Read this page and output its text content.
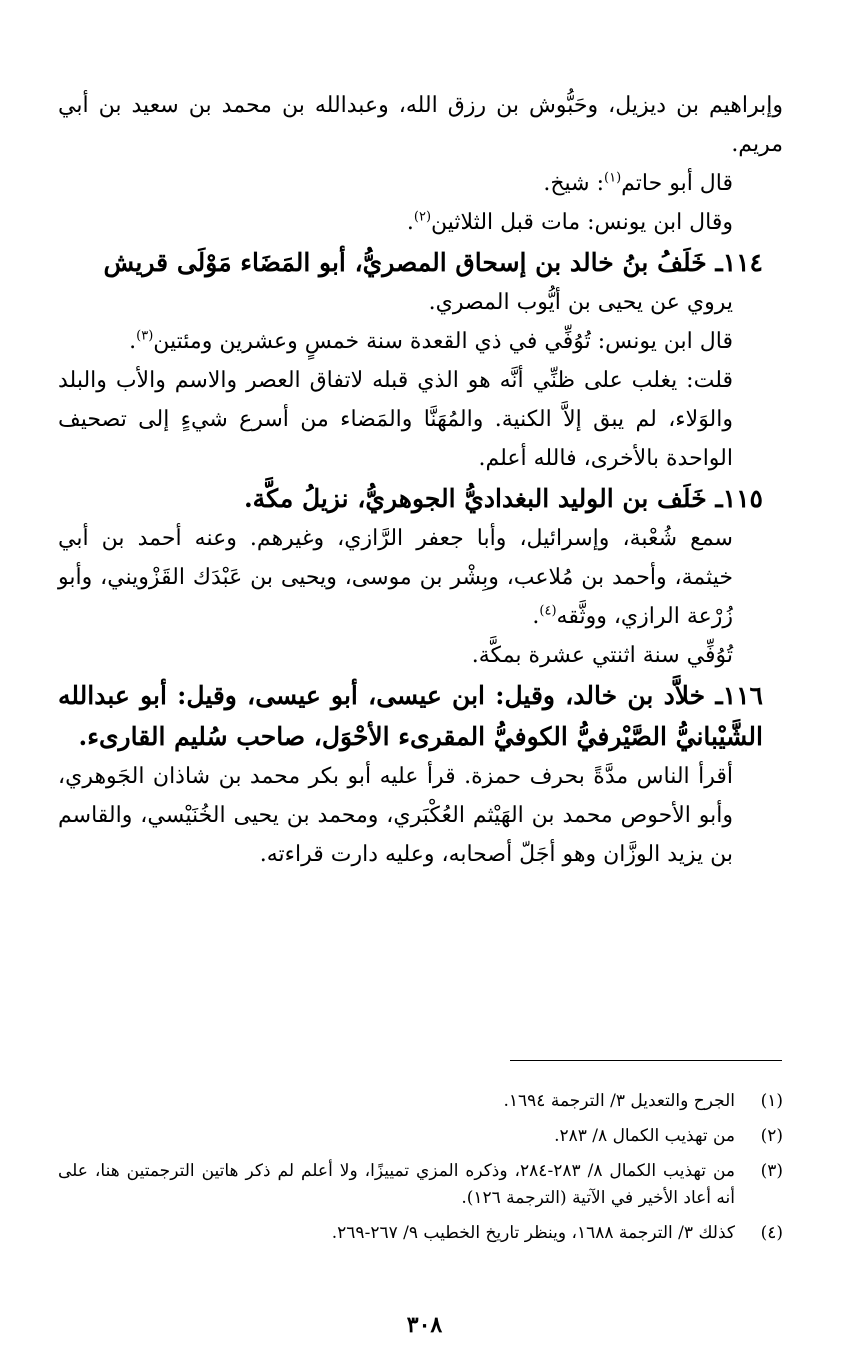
وإبراهيم بن ديزيل، وحَبُّوش بن رزق الله، وعبدالله بن محمد بن سعيد بن أبي مريم.

قال أبو حاتم$^{(١)}$: شيخ.

وقال ابن يونس: مات قبل الثلاثين$^{(٢)}$.

١١٤ـ خَلَفُ بنُ خالد بن إسحاق المصريُّ، أبو المَضَاء مَوْلَى قريش

يروي عن يحيى بن أيُّوب المصري.

قال ابن يونس: تُوُفِّي في ذي القعدة سنة خمسٍ وعشرين ومئتين$^{(٣)}$.

قلت: يغلب على ظنِّي أنَّه هو الذي قبله لاتفاق العصر والاسم والأب والبلد والوَلاء، لم يبق إلاَّ الكنية. والمُهَنَّا والمَضاء من أسرع شيءٍ إلى تصحيف الواحدة بالأخرى، فالله أعلم.

١١٥ـ خَلَف بن الوليد البغداديُّ الجوهريُّ، نزيلُ مكَّة.

سمع شُعْبة، وإسرائيل، وأبا جعفر الرَّازي، وغيرهم. وعنه أحمد بن أبي خيثمة، وأحمد بن مُلاعب، وبِشْر بن موسى، ويحيى بن عَبْدَك القَزْويني، وأبو زُرْعة الرازي، ووثَّقه$^{(٤)}$.

تُوُفِّي سنة اثنتي عشرة بمكَّة.

١١٦ـ خلاَّد بن خالد، وقيل: ابن عيسى، أبو عيسى، وقيل: أبو عبدالله الشَّيْبانيُّ الصَّيْرفيُّ الكوفيُّ المقرىء الأحْوَل، صاحب سُليم القارىء.

أقرأ الناس مدَّةً بحرف حمزة. قرأ عليه أبو بكر محمد بن شاذان الجَوهري، وأبو الأحوص محمد بن الهَيْثم العُكْبَري، ومحمد بن يحيى الخُنَيْسي، والقاسم بن يزيد الوزَّان وهو أجَلّ أصحابه، وعليه دارت قراءته.

(١)
الجرح والتعديل ٣/ الترجمة ١٦٩٤.
(٢)
من تهذيب الكمال ٨/ ٢٨٣.
(٣)
من تهذيب الكمال ٨/ ٢٨٣-٢٨٤، وذكره المزي تمييزًا، ولا أعلم لم ذكر هاتين الترجمتين هنا، على أنه أعاد الأخير في الآتية (الترجمة ١٢٦).
(٤)
كذلك ٣/ الترجمة ١٦٨٨، وينظر تاريخ الخطيب ٩/ ٢٦٧-٢٦٩.
٣٠٨
